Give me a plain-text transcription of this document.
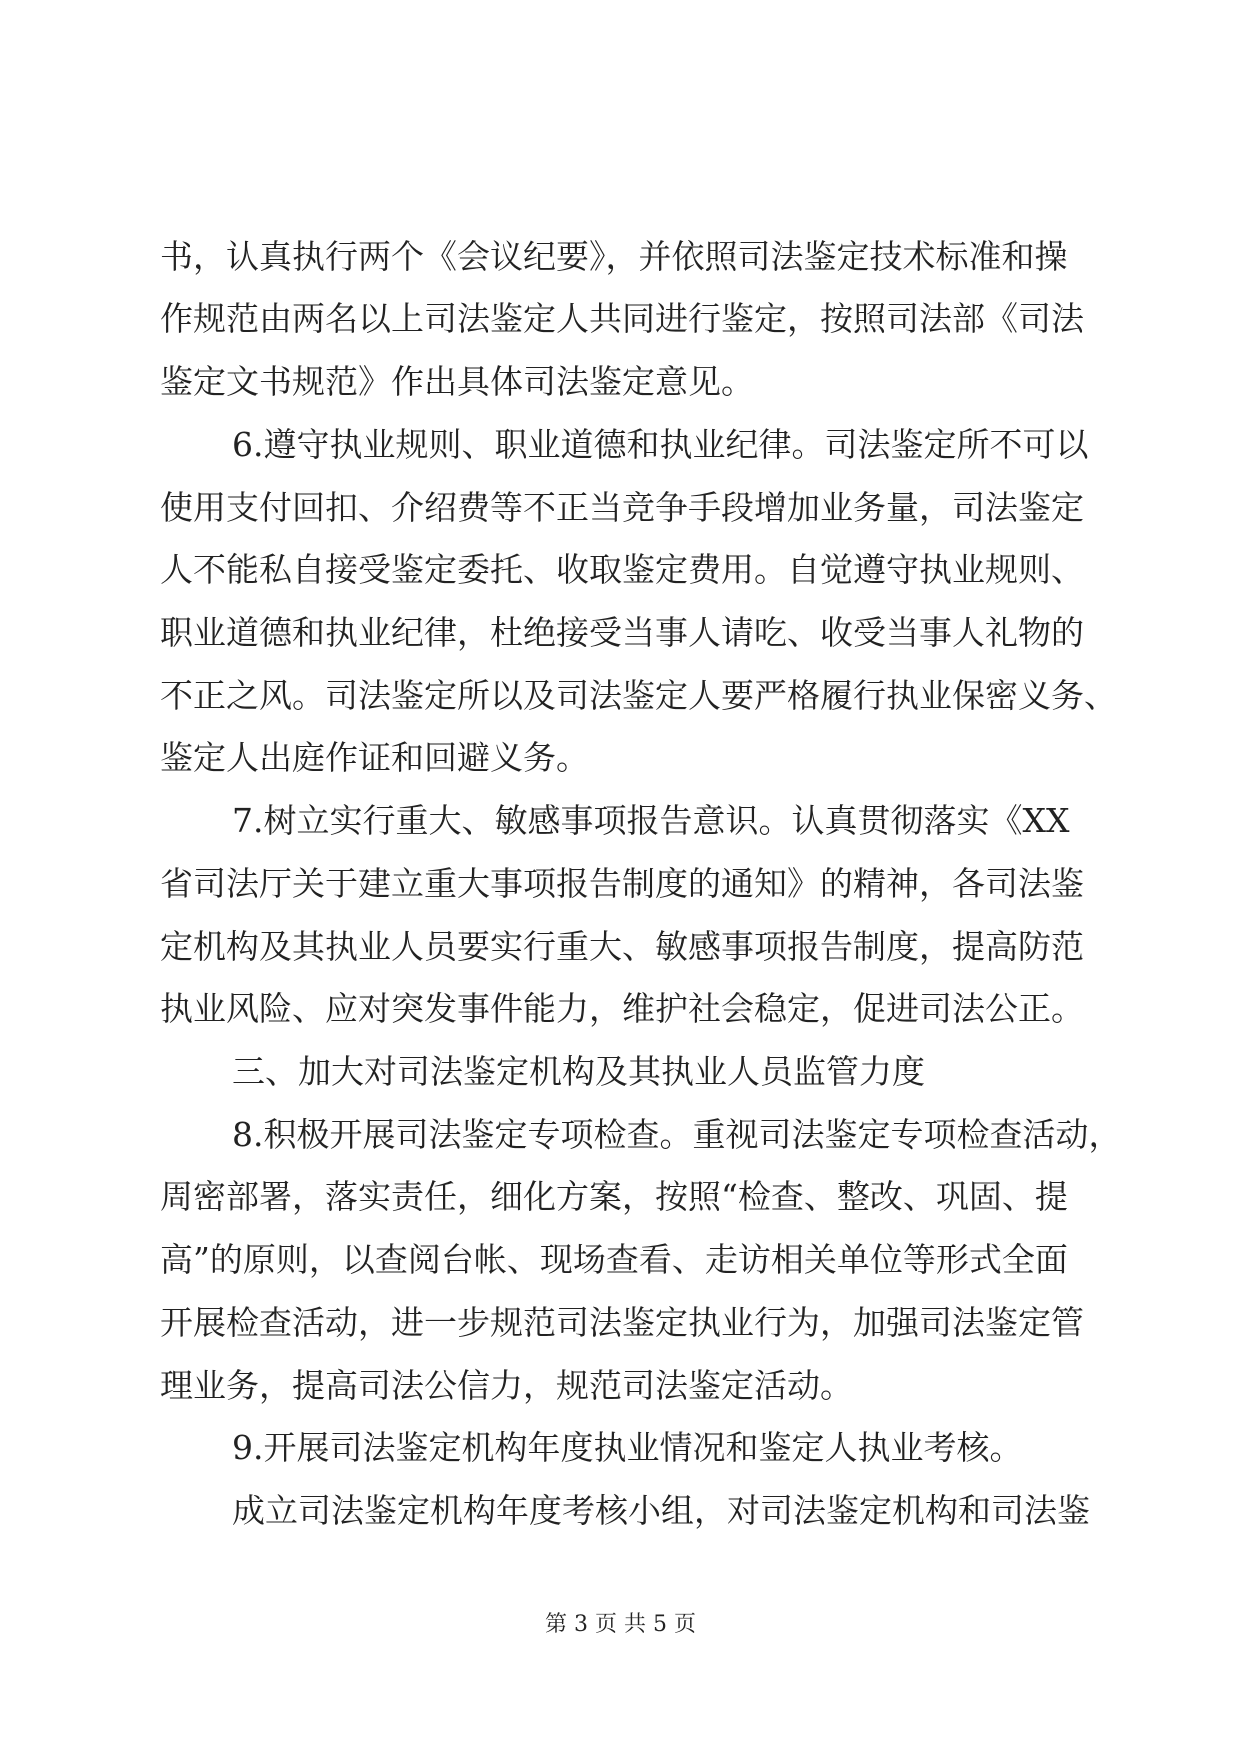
书，认真执行两个《会议纪要》，并依照司法鉴定技术标准和操
作规范由两名以上司法鉴定人共同进行鉴定，按照司法部《司法
鉴定文书规范》作出具体司法鉴定意见。
6.遵守执业规则、职业道德和执业纪律。司法鉴定所不可以
使用支付回扣、介绍费等不正当竞争手段增加业务量，司法鉴定
人不能私自接受鉴定委托、收取鉴定费用。自觉遵守执业规则、
职业道德和执业纪律，杜绝接受当事人请吃、收受当事人礼物的
不正之风。司法鉴定所以及司法鉴定人要严格履行执业保密义务、
鉴定人出庭作证和回避义务。
7.树立实行重大、敏感事项报告意识。认真贯彻落实《XX
省司法厅关于建立重大事项报告制度的通知》的精神，各司法鉴
定机构及其执业人员要实行重大、敏感事项报告制度，提高防范
执业风险、应对突发事件能力，维护社会稳定，促进司法公正。
三、加大对司法鉴定机构及其执业人员监管力度
8.积极开展司法鉴定专项检查。重视司法鉴定专项检查活动，
周密部署，落实责任，细化方案，按照“检查、整改、巩固、提
高”的原则，以查阅台帐、现场查看、走访相关单位等形式全面
开展检查活动，进一步规范司法鉴定执业行为，加强司法鉴定管
理业务，提高司法公信力，规范司法鉴定活动。
9.开展司法鉴定机构年度执业情况和鉴定人执业考核。
成立司法鉴定机构年度考核小组，对司法鉴定机构和司法鉴
第 3 页 共 5 页
